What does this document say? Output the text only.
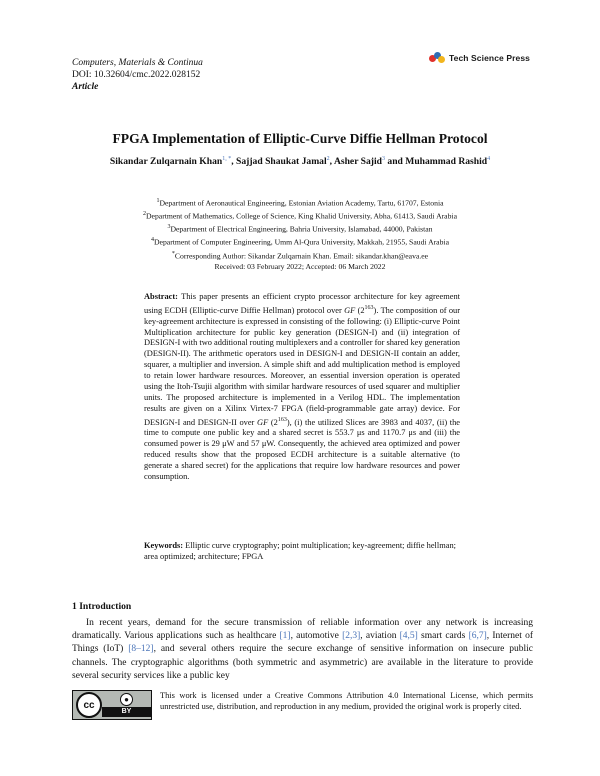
Computers, Materials & Continua
DOI: 10.32604/cmc.2022.028152
Article
Tech Science Press
FPGA Implementation of Elliptic-Curve Diffie Hellman Protocol
Sikandar Zulqarnain Khan$^{1, *}$, Sajjad Shaukat Jamal$^2$, Asher Sajid$^3$ and Muhammad Rashid$^4$
$^1$Department of Aeronautical Engineering, Estonian Aviation Academy, Tartu, 61707, Estonia
$^2$Department of Mathematics, College of Science, King Khalid University, Abha, 61413, Saudi Arabia
$^3$Department of Electrical Engineering, Bahria University, Islamabad, 44000, Pakistan
$^4$Department of Computer Engineering, Umm Al-Qura University, Makkah, 21955, Saudi Arabia
*Corresponding Author: Sikandar Zulqarnain Khan. Email: sikandar.khan@eava.ee
Received: 03 February 2022; Accepted: 06 March 2022
Abstract: This paper presents an efficient crypto processor architecture for key agreement using ECDH (Elliptic-curve Diffie Hellman) protocol over GF $(2^{163})$. The composition of our key-agreement architecture is expressed in consisting of the following: (i) Elliptic-curve Point Multiplication architecture for public key generation (DESIGN-I) and (ii) integration of DESIGN-I with two additional routing multiplexers and a controller for shared key generation (DESIGN-II). The arithmetic operators used in DESIGN-I and DESIGN-II contain an adder, squarer, a multiplier and inversion. A simple shift and add multiplication method is employed to retain lower hardware resources. Moreover, an essential inversion operation is operated using the Itoh-Tsujii algorithm with similar hardware resources of used squarer and multiplier units. The proposed architecture is implemented in a Verilog HDL. The implementation results are given on a Xilinx Virtex-7 FPGA (field-programmable gate array) device. For DESIGN-I and DESIGN-II over GF $(2^{163})$, (i) the utilized Slices are 3983 and 4037, (ii) the time to compute one public key and a shared secret is 553.7 μs and 1170.7 μs and (iii) the consumed power is 29 μW and 57 μW. Consequently, the achieved area optimized and power reduced results show that the proposed ECDH architecture is a suitable alternative (to generate a shared secret) for the applications that require low hardware resources and power consumption.
Keywords: Elliptic curve cryptography; point multiplication; key-agreement; diffie hellman; area optimized; architecture; FPGA
1 Introduction
In recent years, demand for the secure transmission of reliable information over any network is increasing dramatically. Various applications such as healthcare [1], automotive [2,3], aviation [4,5] smart cards [6,7], Internet of Things (IoT) [8–12], and several others require the secure exchange of sensitive information on insecure public channels. The cryptographic algorithms (both symmetric and asymmetric) are available in the literature to provide several security services like a public key
cc	●
BY
This work is licensed under a Creative Commons Attribution 4.0 International License, which permits unrestricted use, distribution, and reproduction in any medium, provided the original work is properly cited.
